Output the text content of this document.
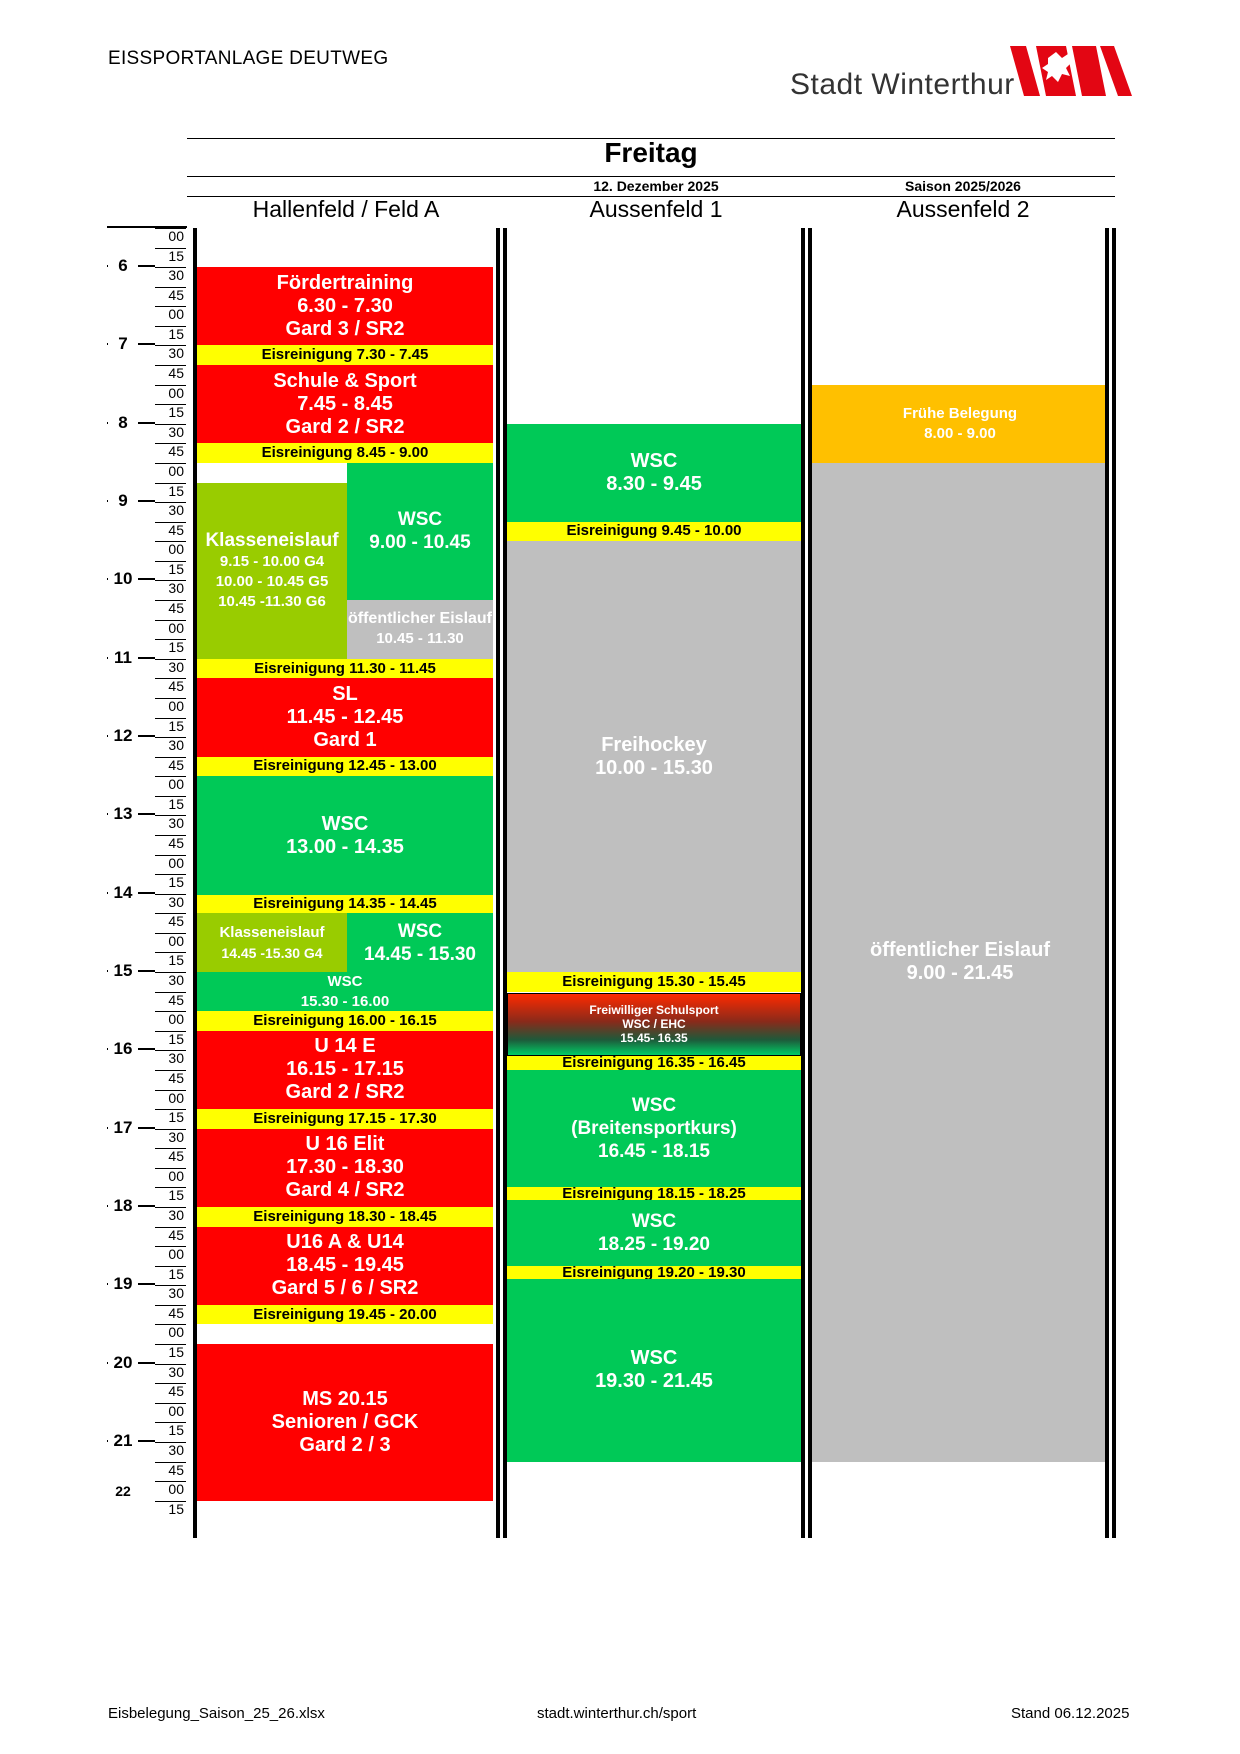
EISSPORTANLAGE DEUTWEG
Stadt Winterthur
Freitag
12. Dezember 2025	Saison 2025/2026
Hallenfeld / Feld A	Aussenfeld 1	Aussenfeld 2
00
15
30
45
6
00
15
30
45
7
00
15
30
45
8
00
15
30
45
9
00
15
30
45
10
00
15
30
45
11
00
15
30
45
12
00
15
30
45
13
00
15
30
45
14
00
15
30
45
15
00
15
30
45
16
00
15
30
45
17
00
15
30
45
18
00
15
30
45
19
00
15
30
45
20
00
15
30
45
21
00
15
22
Fördertraining
6.30 - 7.30
Gard 3 / SR2
Eisreinigung 7.30 - 7.45
Schule & Sport
7.45 - 8.45
Gard 2 / SR2
Eisreinigung 8.45 - 9.00
Klasseneislauf
9.15 - 10.00 G4
10.00 - 10.45 G5
10.45 -11.30 G6
WSC
9.00 - 10.45
öffentlicher Eislauf
10.45 - 11.30
Eisreinigung 11.30 - 11.45
SL
11.45 - 12.45
Gard 1
Eisreinigung 12.45 - 13.00
WSC
13.00 - 14.35
Eisreinigung 14.35 - 14.45
Klasseneislauf
14.45 -15.30 G4
WSC
14.45 - 15.30
WSC
15.30 - 16.00
Eisreinigung 16.00 - 16.15
U 14 E
16.15 - 17.15
Gard 2 / SR2
Eisreinigung 17.15 - 17.30
U 16 Elit
17.30 - 18.30
Gard 4 / SR2
Eisreinigung 18.30 - 18.45
U16 A & U14
18.45 - 19.45
Gard 5 / 6 / SR2
Eisreinigung 19.45 - 20.00
MS 20.15
Senioren / GCK
Gard 2 / 3
WSC
8.30 - 9.45
Eisreinigung 9.45 - 10.00
Freihockey
10.00 - 15.30
Eisreinigung 15.30 - 15.45
Freiwilliger Schulsport
WSC / EHC
15.45- 16.35
Eisreinigung 16.35 - 16.45
WSC
(Breitensportkurs)
16.45 - 18.15
Eisreinigung 18.15 - 18.25
WSC
18.25 - 19.20
Eisreinigung 19.20 - 19.30
WSC
19.30 - 21.45
Frühe Belegung
8.00 - 9.00
öffentlicher Eislauf
9.00 - 21.45
Eisbelegung_Saison_25_26.xlsx	stadt.winterthur.ch/sport	Stand 06.12.2025
